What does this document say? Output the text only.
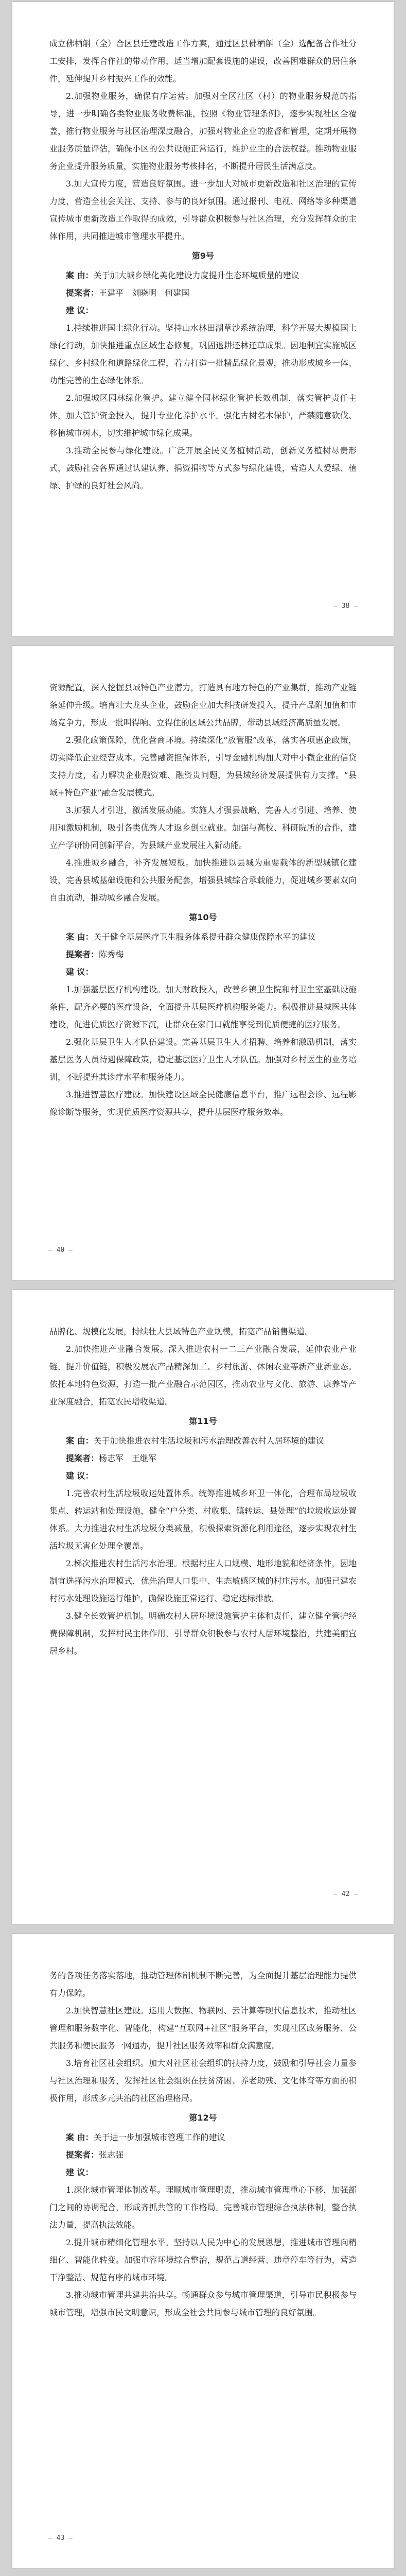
成立佛栖斛（全）合区县迁建改造工作方案，通过区县佛栖斛（全）选配备合作社分工安排，发挥合作社的带动作用，适当增加配套设施的建设，改善困难群众的居住条件，延伸提升乡村振兴工作的效能。

2.加强物业服务，确保有序运营。加强对全区社区（村）的物业服务规范的指导，进一步明确各类物业服务收费标准，按照《物业管理条例》，逐步实现社区全覆盖，推行物业服务与社区治理深度融合，加强对物业企业的监督和管理，定期开展物业服务质量评估，确保小区的公共设施正常运行，维护业主的合法权益。推动物业服务企业提升服务质量，实施物业服务考核排名，不断提升居民生活满意度。

3.加大宣传力度，营造良好氛围。进一步加大对城市更新改造和社区治理的宣传力度，营造全社会关注、支持、参与的良好氛围。通过报刊、电视、网络等多种渠道宣传城市更新改造工作取得的成效，引导群众积极参与社区治理，充分发挥群众的主体作用，共同推进城市管理水平提升。

第9号

案 由：关于加大城乡绿化美化建设力度提升生态环境质量的建议

提案者：王建平　刘晓明　何建国

建 议：

1.持续推进国土绿化行动。坚持山水林田湖草沙系统治理，科学开展大规模国土绿化行动，加快推进重点区域生态修复，巩固退耕还林还草成果。因地制宜实施城区绿化、乡村绿化和道路绿化工程，着力打造一批精品绿化景观，推动形成城乡一体、功能完善的生态绿化体系。

2.加强城区园林绿化管护。建立健全园林绿化管护长效机制，落实管护责任主体，加大管护资金投入，提升专业化养护水平。强化古树名木保护，严禁随意砍伐、移植城市树木，切实维护城市绿化成果。

3.推动全民参与绿化建设。广泛开展全民义务植树活动，创新义务植树尽责形式，鼓励社会各界通过认建认养、捐资捐物等方式参与绿化建设，营造人人爱绿、植绿、护绿的良好社会风尚。

— 38 —

资源配置，深入挖掘县域特色产业潜力，打造具有地方特色的产业集群，推动产业链条延伸升级。培育壮大龙头企业，鼓励企业加大科技研发投入，提升产品附加值和市场竞争力，形成一批叫得响、立得住的区域公共品牌，带动县域经济高质量发展。

2.强化政策保障，优化营商环境。持续深化“放管服”改革，落实各项惠企政策，切实降低企业经营成本。完善融资担保体系，引导金融机构加大对中小微企业的信贷支持力度，着力解决企业融资难、融资贵问题，为县域经济发展提供有力支撑。“县域+特色产业”融合发展模式。

3.加强人才引进，激活发展动能。实施人才强县战略，完善人才引进、培养、使用和激励机制，吸引各类优秀人才返乡创业就业。加强与高校、科研院所的合作，建立产学研协同创新平台，为县域产业发展注入新动能。

4.推进城乡融合，补齐发展短板。加快推进以县城为重要载体的新型城镇化建设，完善县城基础设施和公共服务配套，增强县城综合承载能力，促进城乡要素双向自由流动，推动城乡融合发展。

第10号

案 由：关于健全基层医疗卫生服务体系提升群众健康保障水平的建议

提案者：陈秀梅

建 议：

1.加强基层医疗机构建设。加大财政投入，改善乡镇卫生院和村卫生室基础设施条件，配齐必要的医疗设备，全面提升基层医疗机构服务能力。积极推进县域医共体建设，促进优质医疗资源下沉，让群众在家门口就能享受到优质便捷的医疗服务。

2.强化基层卫生人才队伍建设。完善基层卫生人才招聘、培养和激励机制，落实基层医务人员待遇保障政策，稳定基层医疗卫生人才队伍。加强对乡村医生的业务培训，不断提升其诊疗水平和服务能力。

3.推进智慧医疗建设。加快建设区域全民健康信息平台，推广远程会诊、远程影像诊断等服务，实现优质医疗资源共享，提升基层医疗服务效率。

— 40 —

品牌化、规模化发展，持续壮大县域特色产业规模，拓宽产品销售渠道。

2.加快推进产业融合发展。深入推进农村一二三产业融合发展，延伸农业产业链，提升价值链，积极发展农产品精深加工、乡村旅游、休闲农业等新产业新业态。依托本地特色资源，打造一批产业融合示范园区，推动农业与文化、旅游、康养等产业深度融合，拓宽农民增收渠道。

第11号

案 由：关于加快推进农村生活垃圾和污水治理改善农村人居环境的建议

提案者：杨志军　王继军

建 议：

1.完善农村生活垃圾收运处置体系。统筹推进城乡环卫一体化，合理布局垃圾收集点、转运站和处理设施，健全“户分类、村收集、镇转运、县处理”的垃圾收运处置体系。大力推进农村生活垃圾分类减量，积极探索资源化利用途径，逐步实现农村生活垃圾无害化处理全覆盖。

2.梯次推进农村生活污水治理。根据村庄人口规模、地形地貌和经济条件，因地制宜选择污水治理模式，优先治理人口集中、生态敏感区域的村庄污水。加强已建农村污水处理设施运行维护，确保设施正常运行、稳定达标排放。

3.健全长效管护机制。明确农村人居环境设施管护主体和责任，建立健全管护经费保障机制，发挥村民主体作用，引导群众积极参与农村人居环境整治，共建美丽宜居乡村。

— 42 —

务的各项任务落实落地，推动管理体制机制不断完善，为全面提升基层治理能力提供有力保障。

2.加快智慧社区建设。运用大数据、物联网、云计算等现代信息技术，推动社区管理和服务数字化、智能化，构建“互联网+社区”服务平台，实现社区政务服务、公共服务和便民服务一网通办，提升社区服务效率和群众满意度。

3.培育社区社会组织。加大对社区社会组织的扶持力度，鼓励和引导社会力量参与社区治理和服务，发挥社区社会组织在扶贫济困、养老助残、文化体育等方面的积极作用，形成多元共治的社区治理格局。

第12号

案 由：关于进一步加强城市管理工作的建议

提案者：张志强

建 议：

1.深化城市管理体制改革。理顺城市管理职责，推动城市管理重心下移，加强部门之间的协调配合，形成齐抓共管的工作格局。完善城市管理综合执法体制，整合执法力量，提高执法效能。

2.提升城市精细化管理水平。坚持以人民为中心的发展思想，推进城市管理向精细化、智能化转变。加强市容环境综合整治，规范占道经营、违章停车等行为，营造干净整洁、规范有序的城市环境。

3.推动城市管理共建共治共享。畅通群众参与城市管理渠道，引导市民积极参与城市管理，增强市民文明意识，形成全社会共同参与城市管理的良好氛围。

— 43 —
